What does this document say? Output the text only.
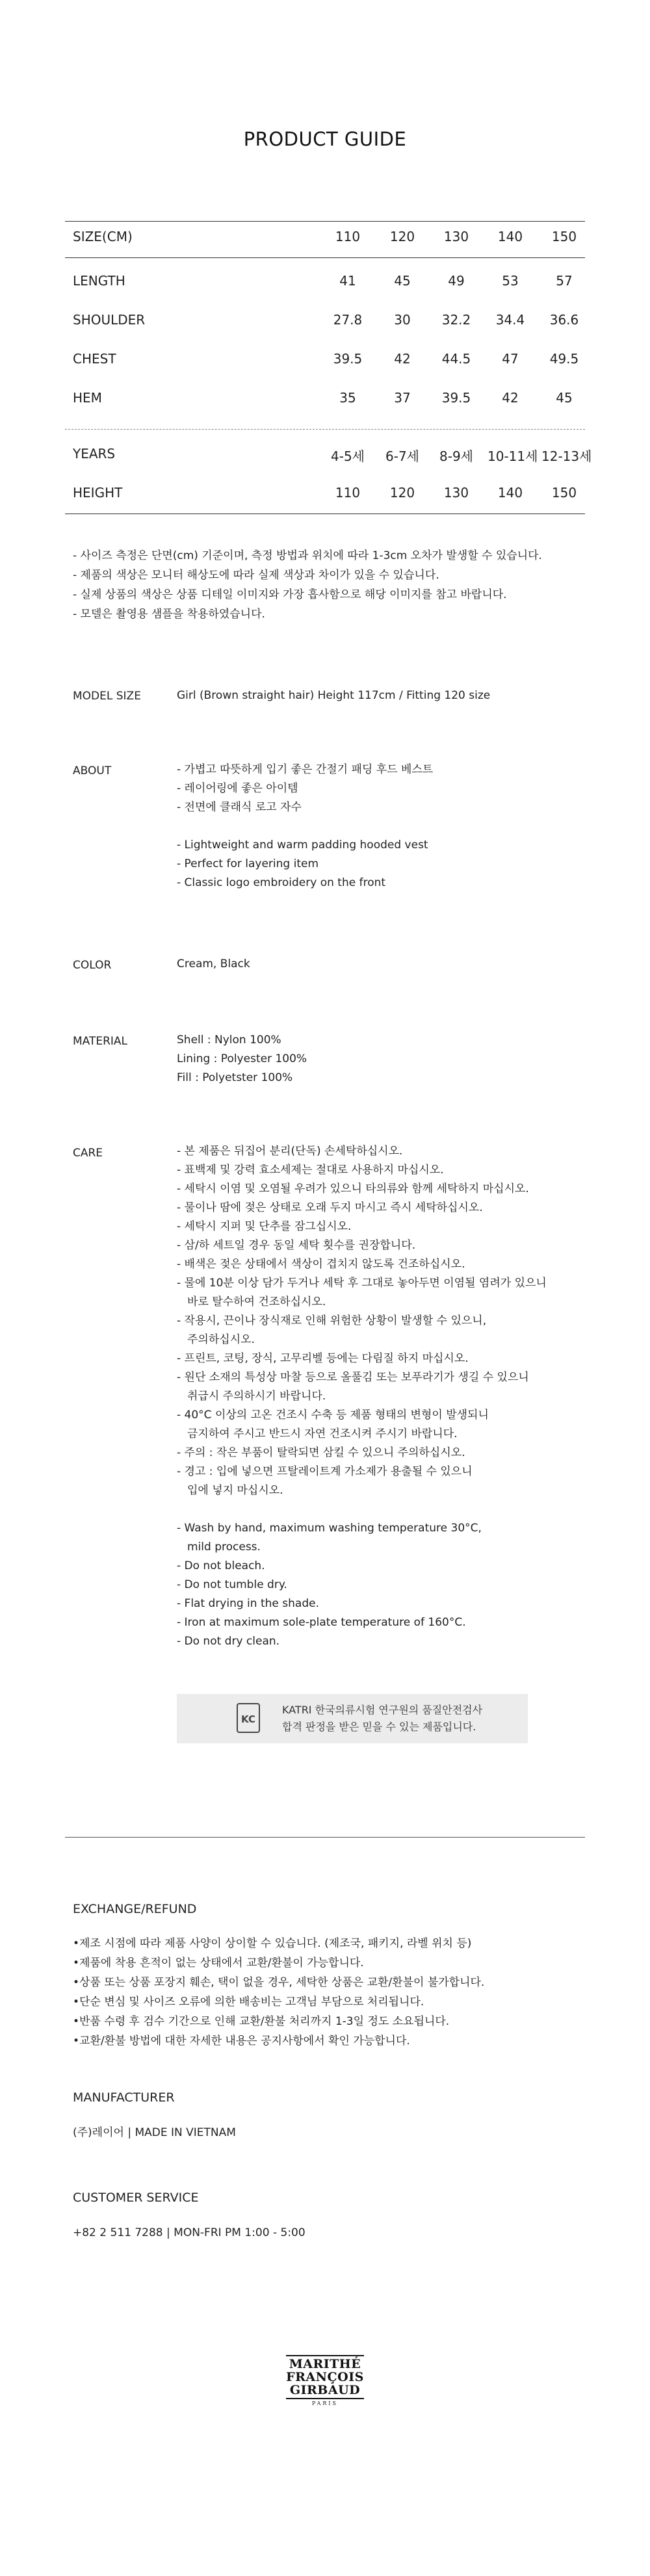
PRODUCT GUIDE
SIZE(CM)	110	120	130	140	150
LENGTH	41	45	49	53	57
SHOULDER	27.8	30	32.2	34.4	36.6
CHEST	39.5	42	44.5	47	49.5
HEM	35	37	39.5	42	45
YEARS	4-5세	6-7세	8-9세	10-11세 12-13세
HEIGHT	110	120	130	140	150
- 사이즈 측정은 단면(cm) 기준이며, 측정 방법과 위치에 따라 1-3cm 오차가 발생할 수 있습니다.
- 제품의 색상은 모니터 해상도에 따라 실제 색상과 차이가 있을 수 있습니다.
- 실제 상품의 색상은 상품 디테일 이미지와 가장 흡사함으로 해당 이미지를 참고 바랍니다.
- 모델은 촬영용 샘플을 착용하였습니다.
MODEL SIZE	Girl (Brown straight hair) Height 117cm / Fitting 120 size
ABOUT	- 가볍고 따뜻하게 입기 좋은 간절기 패딩 후드 베스트
- 레이어링에 좋은 아이템
- 전면에 클래식 로고 자수
- Lightweight and warm padding hooded vest
- Perfect for layering item
- Classic logo embroidery on the front
COLOR	Cream, Black
MATERIAL	Shell : Nylon 100%
Lining : Polyester 100%
Fill : Polyetster 100%
CARE	- 본 제품은 뒤집어 분리(단독) 손세탁하십시오.
- 표백제 및 강력 효소세제는 절대로 사용하지 마십시오.
- 세탁시 이염 및 오염될 우려가 있으니 타의류와 함께 세탁하지 마십시오.
- 물이나 땀에 젖은 상태로 오래 두지 마시고 즉시 세탁하십시오.
- 세탁시 지퍼 및 단추를 잠그십시오.
- 삼/하 세트일 경우 동일 세탁 횟수를 권장합니다.
- 배색은 젖은 상태에서 색상이 겹치지 않도록 건조하십시오.
- 물에 10분 이상 담가 두거나 세탁 후 그대로 놓아두면 이염될 염려가 있으니
바로 탈수하여 건조하십시오.
- 작용시, 끈이나 장식재로 인해 위험한 상황이 발생할 수 있으니,
주의하십시오.
- 프린트, 코팅, 장식, 고무리벨 등에는 다림질 하지 마십시오.
- 원단 소재의 특성상 마찰 등으로 올풀김 또는 보푸라기가 생길 수 있으니
취급시 주의하시기 바랍니다.
- 40°C 이상의 고온 건조시 수축 등 제품 형태의 변형이 발생되니
금지하여 주시고 반드시 자연 건조시켜 주시기 바랍니다.
- 주의 : 작은 부품이 탈락되면 삼킬 수 있으니 주의하십시오.
- 경고 : 입에 넣으면 프탈레이트계 가소제가 용출될 수 있으니
입에 넣지 마십시오.
- Wash by hand, maximum washing temperature 30°C,
mild process.
- Do not bleach.
- Do not tumble dry.
- Flat drying in the shade.
- Iron at maximum sole-plate temperature of 160°C.
- Do not dry clean.
KC
KATRI 한국의류시험 연구원의 품질안전검사
합격 판정을 받은 믿을 수 있는 제품입니다.
EXCHANGE/REFUND
•제조 시점에 따라 제품 사양이 상이할 수 있습니다. (제조국, 패키지, 라벨 위치 등)
•제품에 착용 흔적이 없는 상태에서 교환/환불이 가능합니다.
•상품 또는 상품 포장지 훼손, 택이 없을 경우, 세탁한 상품은 교환/환불이 불가합니다.
•단순 변심 및 사이즈 오류에 의한 배송비는 고객님 부담으로 처리됩니다.
•반품 수령 후 검수 기간으로 인해 교환/환불 처리까지 1-3일 정도 소요됩니다.
•교환/환불 방법에 대한 자세한 내용은 공지사항에서 확인 가능합니다.
MANUFACTURER
(주)레이어 | MADE IN VIETNAM
CUSTOMER SERVICE
+82 2 511 7288 | MON-FRI PM 1:00 - 5:00
MARITHÉ
FRANÇOIS
GIRBAUD
PARIS
